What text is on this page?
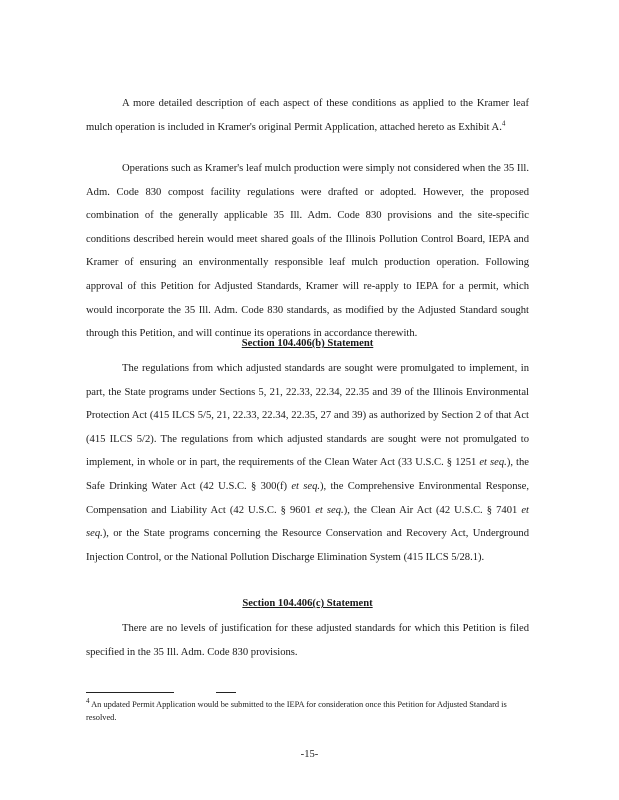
A more detailed description of each aspect of these conditions as applied to the Kramer leaf mulch operation is included in Kramer's original Permit Application, attached hereto as Exhibit A.$^4$

Operations such as Kramer's leaf mulch production were simply not considered when the 35 Ill. Adm. Code 830 compost facility regulations were drafted or adopted. However, the proposed combination of the generally applicable 35 Ill. Adm. Code 830 provisions and the site-specific conditions described herein would meet shared goals of the Illinois Pollution Control Board, IEPA and Kramer of ensuring an environmentally responsible leaf mulch production operation. Following approval of this Petition for Adjusted Standards, Kramer will re-apply to IEPA for a permit, which would incorporate the 35 Ill. Adm. Code 830 standards, as modified by the Adjusted Standard sought through this Petition, and will continue its operations in accordance therewith.

Section 104.406(b) Statement

The regulations from which adjusted standards are sought were promulgated to implement, in part, the State programs under Sections 5, 21, 22.33, 22.34, 22.35 and 39 of the Illinois Environmental Protection Act (415 ILCS 5/5, 21, 22.33, 22.34, 22.35, 27 and 39) as authorized by Section 2 of that Act (415 ILCS 5/2). The regulations from which adjusted standards are sought were not promulgated to implement, in whole or in part, the requirements of the Clean Water Act (33 U.S.C. § 1251 et seq.), the Safe Drinking Water Act (42 U.S.C. § 300(f) et seq.), the Comprehensive Environmental Response, Compensation and Liability Act (42 U.S.C. § 9601 et seq.), the Clean Air Act (42 U.S.C. § 7401 et seq.), or the State programs concerning the Resource Conservation and Recovery Act, Underground Injection Control, or the National Pollution Discharge Elimination System (415 ILCS 5/28.1).

Section 104.406(c) Statement

There are no levels of justification for these adjusted standards for which this Petition is filed specified in the 35 Ill. Adm. Code 830 provisions.

$^4$ An updated Permit Application would be submitted to the IEPA for consideration once this Petition for Adjusted Standard is resolved.

-15-
